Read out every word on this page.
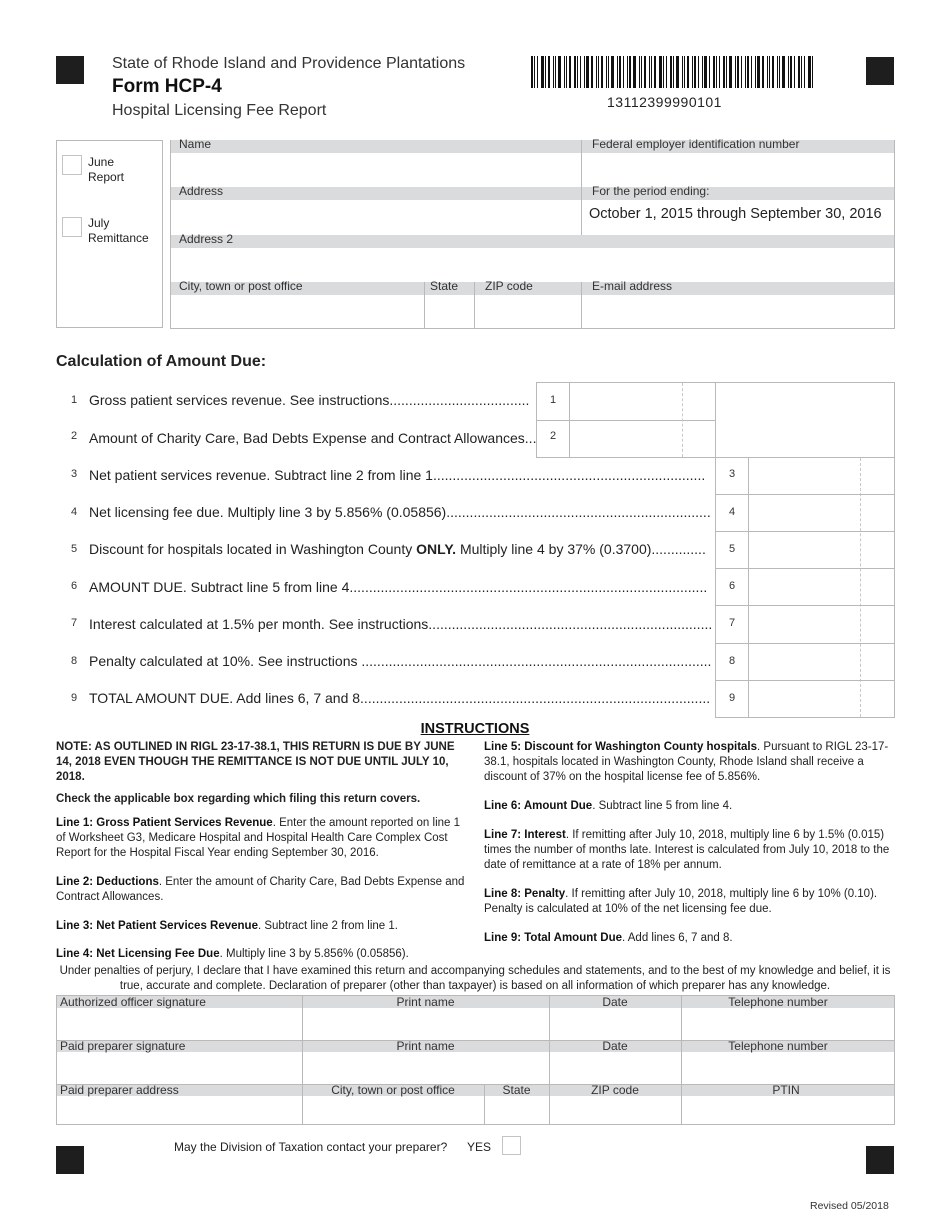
State of Rhode Island and Providence Plantations
Form HCP-4
Hospital Licensing Fee Report	13112399990101
June
Report
July
Remittance
Name	Federal employer identification number
Address	For the period ending:
October 1, 2015 through September 30, 2016
Address 2
City, town or post office	State ZIP code	E-mail address
Calculation of Amount Due:
1 Gross patient services revenue. See instructions....................................	1
2 Amount of Charity Care, Bad Debts Expense and Contract Allowances...	2
3 Net patient services revenue. Subtract line 2 from line 1......................................................................	3
4 Net licensing fee due. Multiply line 3 by 5.856% (0.05856)....................................................................	4
5 Discount for hospitals located in Washington County ONLY. Multiply line 4 by 37% (0.3700)..............	5
6 AMOUNT DUE. Subtract line 5 from line 4............................................................................................	6
7 Interest calculated at 1.5% per month. See instructions.........................................................................	7
8 Penalty calculated at 10%. See instructions ..........................................................................................	8
9 TOTAL AMOUNT DUE. Add lines 6, 7 and 8..........................................................................................	9
INSTRUCTIONS
NOTE: AS OUTLINED IN RIGL 23-17-38.1, THIS RETURN IS DUE BY JUNE 14, 2018 EVEN THOUGH THE REMITTANCE IS NOT DUE UNTIL JULY 10, 2018.
Check the applicable box regarding which filing this return covers.
Line 1: Gross Patient Services Revenue. Enter the amount reported on line 1 of Worksheet G3, Medicare Hospital and Hospital Health Care Complex Cost Report for the Hospital Fiscal Year ending September 30, 2016.
Line 2: Deductions. Enter the amount of Charity Care, Bad Debts Expense and Contract Allowances.
Line 3: Net Patient Services Revenue. Subtract line 2 from line 1.
Line 4: Net Licensing Fee Due. Multiply line 3 by 5.856% (0.05856).
Line 5: Discount for Washington County hospitals. Pursuant to RIGL 23-17-38.1, hospitals located in Washington County, Rhode Island shall receive a discount of 37% on the hospital license fee of 5.856%.
Line 6: Amount Due. Subtract line 5 from line 4.
Line 7: Interest. If remitting after July 10, 2018, multiply line 6 by 1.5% (0.015) times the number of months late. Interest is calculated from July 10, 2018 to the date of remittance at a rate of 18% per annum.
Line 8: Penalty. If remitting after July 10, 2018, multiply line 6 by 10% (0.10). Penalty is calculated at 10% of the net licensing fee due.
Line 9: Total Amount Due. Add lines 6, 7 and 8.
Under penalties of perjury, I declare that I have examined this return and accompanying schedules and statements, and to the best of my knowledge and belief, it is true, accurate and complete. Declaration of preparer (other than taxpayer) is based on all information of which preparer has any knowledge.
Authorized officer signature	Print name	Date	Telephone number
Paid preparer signature	Print name	Date	Telephone number
Paid preparer address	City, town or post office	State	ZIP code	PTIN
May the Division of Taxation contact your preparer? YES
Revised 05/2018
